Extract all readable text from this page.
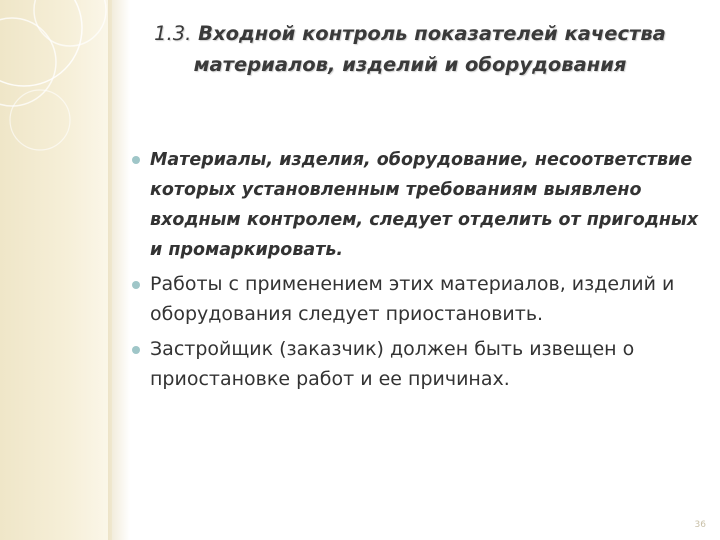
1.3. Входной контроль показателей качества материалов, изделий и оборудования
Материалы, изделия, оборудование, несоответствие которых установленным требованиям выявлено входным контролем, следует отделить от пригодных и промаркировать.
Работы с применением этих материалов, изделий и оборудования следует приостановить.
Застройщик (заказчик) должен быть извещен о приостановке работ и ее причинах.
36
